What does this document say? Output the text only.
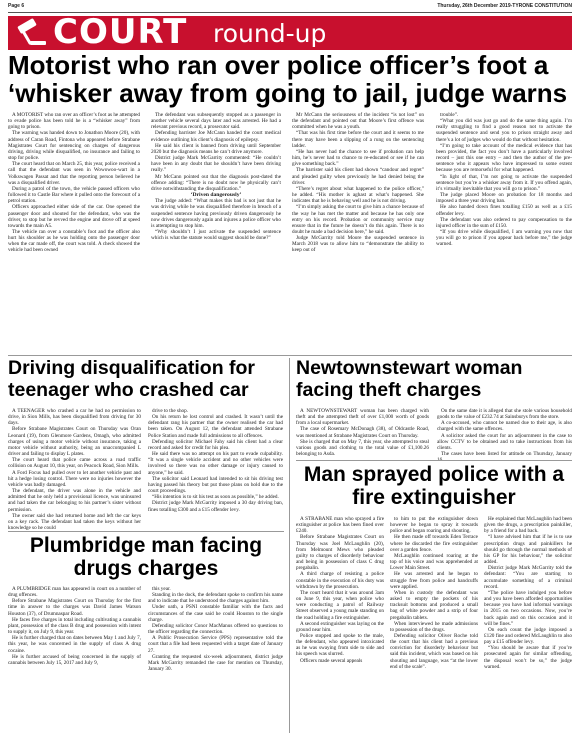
Page 6	Thursday, 26th December 2019-TYRONE CONSTITUTION
COURT round-up
Motorist who ran over police officer’s foot a
‘whisker away from going to jail, judge warns

A MOTORIST who ran over an officer’s foot as he attempted to evade police has been told he is a “whisker away” from going to prison.

The warning was handed down to Jonathon Moore (20), with address of Caran Road, Fintona who appeared before Strabane Magistrates Court for sentencing on charges of dangerous driving, driving while disqualified, no insurance and failing to stop for police.

The court heard that on March 25, this year, police received a call that the defendant was seen in Wowowoo-wart in a Volkswagen Passat and that the reporting person believed he was a disqualified driver.

During a patrol of the town, the vehicle passed officers who followed it to Castle Bar where it pulled onto the forecourt of a petrol station.

Officers approached either side of the car. One opened the passenger door and shouted for the defendant, who was the driver, to stop but he revved the engine and drove off at speed towards the main A5.

The vehicle ran over a constable’s foot and the officer also hurt his shoulder as he was holding onto the passenger door when the car made off, the court was told. A check showed the vehicle had been owned

The defendant was subsequently stopped as a passenger in another vehicle several days later and was arrested. He had a relevant previous record, a prosecutor said.

Defending barrister Joe McCann handed the court medical evidence outlining his client’s diagnosis of epilepsy.

He said his client is banned from driving until September 2020 but the diagnosis means he can’t drive anymore.

District judge Mark McGarrity commented: “He couldn’t have been in any doubt that he shouldn’t have been driving really.”

Mr McCann pointed out that the diagnosis post-dated the offence adding: “There is no doubt now he physically can’t drive notwithstanding the disqualification.”

‘Driven dangerously’

The judge added: “What makes this bad is not just that he was driving while he was disqualified therefore in breach of a suspended sentence having previously driven dangerously he now drives dangerously again and injures a police officer who is attempting to stop him.

“Why shouldn’t I just activate the suspended sentence which is what the statute would suggest should be done?”

Mr McCann the seriousness of the incident “is not lost” on the defendant and pointed out that Moore’s first offence was committed when he was a youth.

“That was his first time before the court and it seems to me there may have been a slipping of a rung on the sentencing ladder.

“He has never had the chance to see if probation can help him, he’s never had to chance to re-educated or see if he can give something back.”

The barrister said his client had shown “candour and regret” and pleaded guilty when previously he had denied being the driver.

“There’s regret about what happened to the police officer,” he added. “His mother is aghast at what’s happened. She indicates that he is behaving well and he is not driving.

“I’m simply asking the court to give him a chance because of the way he has met the matter and because he has only one entry on his record. Probation or community service may ensure that in the future he doesn’t do this again. There is no doubt he made a bad decision here,” he said.

Judge McGarrity told Moore the suspended sentence in March 2018 was to allow him to “demonstrate the ability to keep out of

trouble”.

“What you did was just go and do the same thing again. I’m really struggling to find a good reason not to activate the suspended sentence and send you to prison straight away and there’s a lot of judges who would do that without hesitation.

“I’m going to take account of the medical evidence that has been provided, the fact you don’t have a particularly involved record – just this one entry – and then the author of the pre-sentence who it appears who have impressed to some extent because you are remorseful for what happened.

“In light of that, I’m not going to activate the suspended sentence but you’re a whisker away from it. If you offend again, it’s virtually inevitable that you will go to prison.”

The judge placed Moore on probation for 18 months and imposed a three year driving ban.

He also handed down fines totalling £150 as well as a £15 offender levy.

The defendant was also ordered to pay compensation to the injured officer in the sum of £150.

“If you drive while disqualified, I am warning you now that you will go to prison if you appear back before me,” the judge warned.

Driving disqualification for
teenager who crashed car

A TEENAGER who crashed a car he had no permission to drive, in Sion Mills, has been disqualified from driving for 30 days.

Before Strabane Magistrates Court on Thursday was Oran Leonard (19), from Glenmore Gardens, Omagh, who admitted charges of using a motor vehicle without insurance, taking a motor vehicle without authority, being an unaccompanied L driver and failing to display L plates.

The court heard that police came across a road traffic collision on August 10, this year, on Peacock Road, Sion Mills.

A Ford Focus had pulled over to let another vehicle past and hit a hedge losing control. There were no injuries however the vehicle was badly damaged.

The defendant, the driver was alone in the vehicle and admitted that he only held a provisional licence, was uninsured and had taken the car belonging to his partner’s sister without permission.

The owner said she had returned home and left the car keys on a key rack. The defendant had taken the keys without her knowledge so he could

drive to the shop.

On his return he lost control and crashed. It wasn’t until the defendant rang his partner that the owner realised the car had been taken. On August 12, the defendant attended Strabane Police Station and made full admissions to all offences.

Defending solicitor Michael Fahy said his client had a clear record and asked for credit for his plea.

He said there was no attempt on his part to evade culpability. “It was a single vehicle accident and no other vehicles were involved so there was no other damage or injury caused to anyone,” he said.

The solicitor said Leonard had intended to sit his driving test having passed his theory but put those plans on hold due to the court proceedings.

“His intention is to sit his test as soon as possible,” he added.

District judge Mark McGarrity imposed a 30 day driving ban, fines totalling £300 and a £15 offender levy.

Newtownstewart woman
facing theft charges

A NEWTOWNSTEWART woman has been charged with theft and the attempted theft of over £1,000 worth of goods from a local supermarket.

The case of Rosemary McDonagh (38), of Oldcastle Road, was mentioned at Strabane Magistrates Court on Thursday.

She is charged that on May 7, this year, she attempted to steal various goods and clothing to the total value of £1,100.26 belonging to Asda.

On the same date it is alleged that she stole various household goods to the value of £232.74 at Sainsburys from the store.

A co-accused, who cannot be named due to their age, is also charged with the same offences.

A solicitor asked the court for an adjournment in the case to allow CCTV to be obtained and to take instructions from his clients.

The cases have been listed for attitude on Thursday, January

Man sprayed police with a
fire extinguisher

A STRABANE man who sprayed a fire extinguisher at police has been fined over £240.

Before Strabane Magistrates Court on Thursday was Joel McLaughlin (20), from Melmount Mews who pleaded guilty to charges of disorderly behaviour and being in possession of class C drug pregabalin.

A third charge of resisting a police constable in the execution of his duty was withdrawn by the prosecution.

The court heard that it was around 3am on June 9, this year, when police who were conducting a patrol of Railway Street observed a young male standing on the road holding a fire extinguisher.

A second extinguisher was laying on the ground near him.

Police stopped and spoke to the male, the defendant, who appeared intoxicated as he was swaying from side to side and his speech was slurred.

Officers made several appeals

to him to put the extinguisher down however he began to spray it towards police and began roaring and shouting.

He then made off towards Eden Terrace where he discarded the fire extinguisher over a garden fence.

McLaughlin continued roaring at the top of his voice and was apprehended at Lower Main Street.

He was arrested and he began to struggle free from police and handcuffs were applied.

When in custody the defendant was asked to empty the pockets of his tracksuit bottoms and produced a small bag of white powder and a strip of four pregabalin tablets.

When interviewed he made admissions to possession of the drugs.

Defending solicitor Oliver Roche told the court that his client had a previous conviction for disorderly behaviour but said this incident, which was based on his shouting and language, was “at the lower end of the scale”.

He explained that McLaughlin had been given the drugs, a prescription painkiller, by a friend for a bad back.

“I have advised him that if he is to use prescription drugs and painkillers he should go through the normal methods of his GP for his behaviour,” the solicitor added.

District judge Mark McGarrity told the defendant: “You are starting to accumulate something of a criminal record.

“The police have indulged you before and you have been afforded opportunities because you have had informal warnings in 2015 on two occasions. Now, you’re back again and on this occasion and it will be fines.”

On each count the judge imposed a £120 fine and ordered McLaughlin to also pay a £15 offender levy.

“You should be aware that if you’re prosecuted again for similar offending, the disposal won’t be so,” the judge warned.

Plumbridge man facing
drugs charges

A PLUMBRIDGE man has appeared in court on a number of drug offences.

Before Strabane Magistrates Court on Thursday for the first time in answer to the charges was David James Watson Houston (37), of Drumnaspar Road.

He faces five charges in total including cultivating a cannabis plant, possession of the class B drug and possession with intent to supply it, on July 9, this year.

He is further charged that on dates between May 1 and July 7, this year, he was concerned in the supply of class A drug cocaine.

He is further accused of being concerned in the supply of cannabis between July 15, 2017 and July 9,

this year.

Standing in the dock, the defendant spoke to confirm his name and to indicate that he understood the charges against him.

Under oath, a PSNI constable familiar with the facts and circumstances of the case said he could Houston to the single charge.

Defending solicitor Conor MacManus offered no questions to the officer regarding the connection.

A Public Prosecution Service (PPS) representative told the court that a file had been requested with a target date of January 27.

Granting the requested six-week adjournment, district judge Mark McGarrity remanded the case for mention on Thursday, January 30.
